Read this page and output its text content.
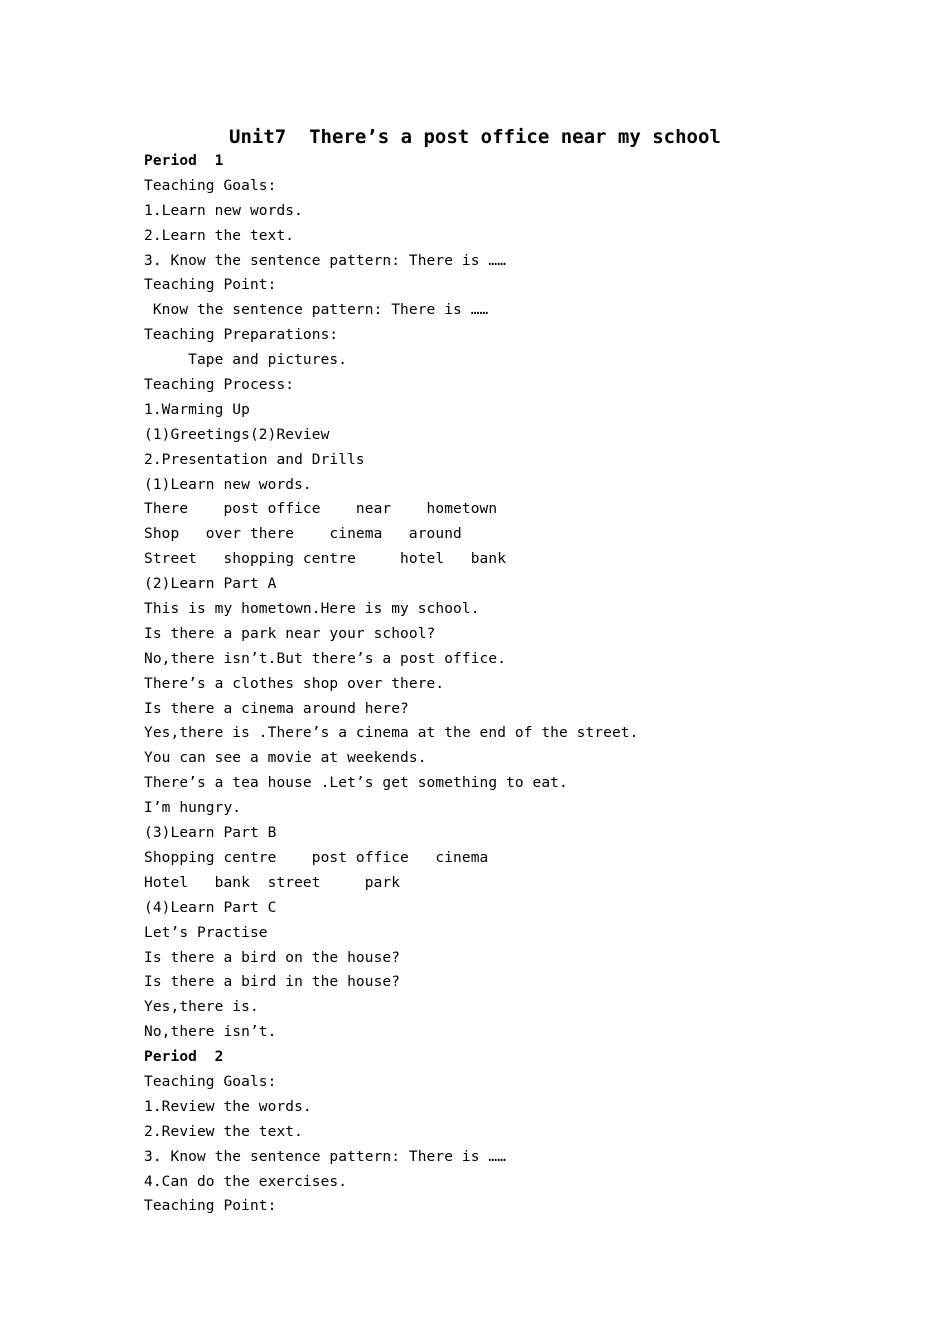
Unit7  There’s a post office near my school
Period  1
Teaching Goals:
1.Learn new words.
2.Learn the text.
3. Know the sentence pattern: There is ……
Teaching Point:
Know the sentence pattern: There is ……
Teaching Preparations:
Tape and pictures.
Teaching Process:
1.Warming Up
(1)Greetings(2)Review
2.Presentation and Drills
(1)Learn new words.
There    post office    near    hometown
Shop   over there    cinema   around
Street   shopping centre     hotel   bank
(2)Learn Part A
This is my hometown.Here is my school.
Is there a park near your school?
No,there isn’t.But there’s a post office.
There’s a clothes shop over there.
Is there a cinema around here?
Yes,there is .There’s a cinema at the end of the street.
You can see a movie at weekends.
There’s a tea house .Let’s get something to eat.
I’m hungry.
(3)Learn Part B
Shopping centre    post office   cinema
Hotel   bank  street     park
(4)Learn Part C
Let’s Practise
Is there a bird on the house?
Is there a bird in the house?
Yes,there is.
No,there isn’t.
Period  2
Teaching Goals:
1.Review the words.
2.Review the text.
3. Know the sentence pattern: There is ……
4.Can do the exercises.
Teaching Point:
